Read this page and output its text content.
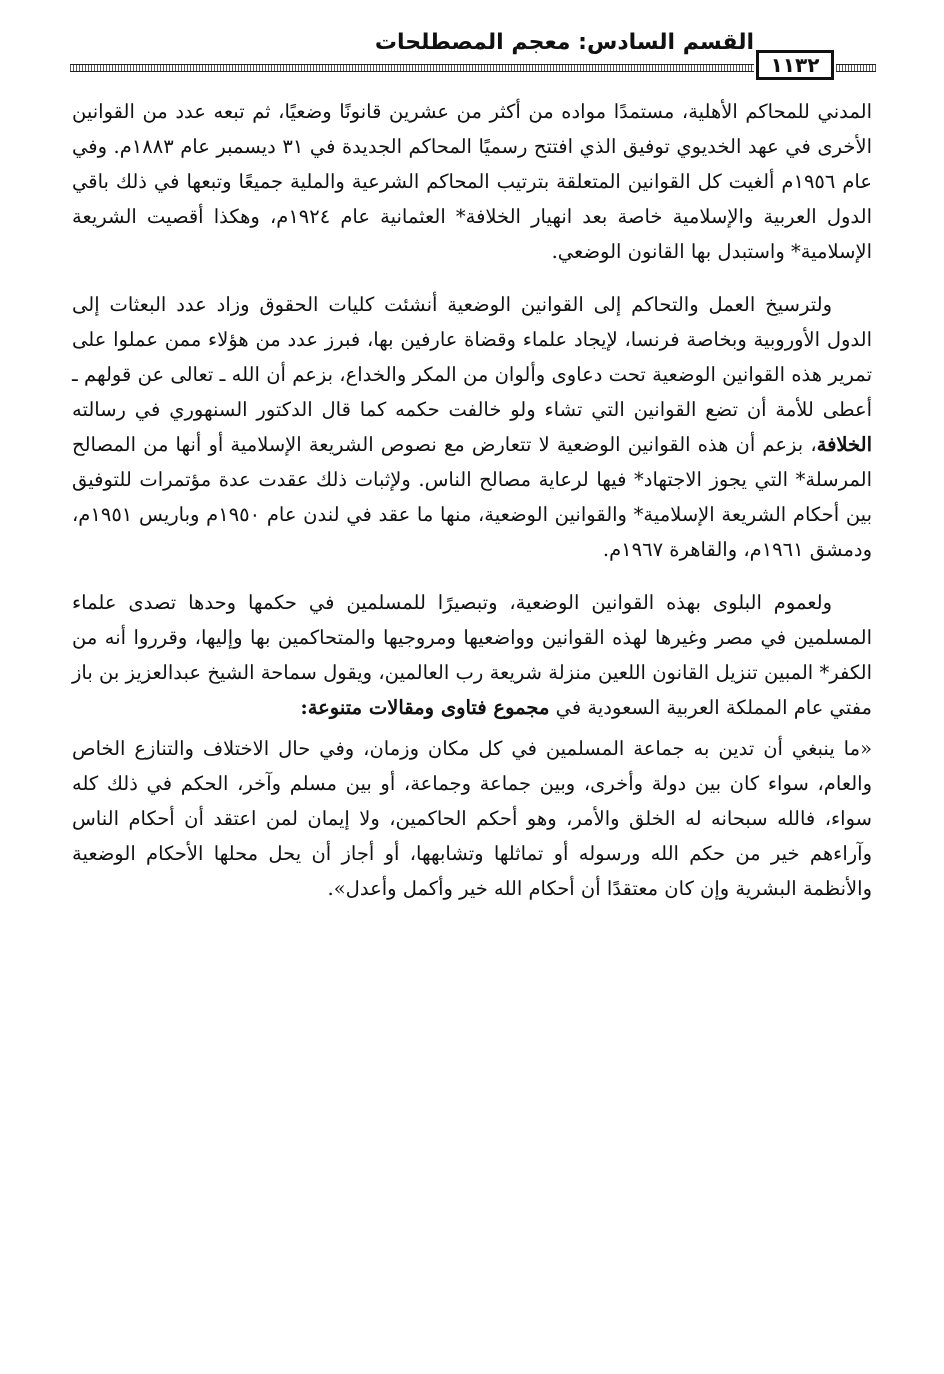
القسم السادس: معجم المصطلحات
١١٣٢

المدني للمحاكم الأهلية، مستمدًا مواده من أكثر من عشرين قانونًا وضعيًا، ثم تبعه عدد من القوانين الأخرى في عهد الخديوي توفيق الذي افتتح رسميًا المحاكم الجديدة في ٣١ ديسمبر عام ١٨٨٣م. وفي عام ١٩٥٦م ألغيت كل القوانين المتعلقة بترتيب المحاكم الشرعية والملية جميعًا وتبعها في ذلك باقي الدول العربية والإسلامية خاصة بعد انهيار الخلافة* العثمانية عام ١٩٢٤م، وهكذا أقصيت الشريعة الإسلامية* واستبدل بها القانون الوضعي.

ولترسيخ العمل والتحاكم إلى القوانين الوضعية أنشئت كليات الحقوق وزاد عدد البعثات إلى الدول الأوروبية وبخاصة فرنسا، لإيجاد علماء وقضاة عارفين بها، فبرز عدد من هؤلاء ممن عملوا على تمرير هذه القوانين الوضعية تحت دعاوى وألوان من المكر والخداع، بزعم أن الله ـ تعالى عن قولهم ـ أعطى للأمة أن تضع القوانين التي تشاء ولو خالفت حكمه كما قال الدكتور السنهوري في رسالته الخلافة، بزعم أن هذه القوانين الوضعية لا تتعارض مع نصوص الشريعة الإسلامية أو أنها من المصالح المرسلة* التي يجوز الاجتهاد* فيها لرعاية مصالح الناس. ولإثبات ذلك عقدت عدة مؤتمرات للتوفيق بين أحكام الشريعة الإسلامية* والقوانين الوضعية، منها ما عقد في لندن عام ١٩٥٠م وباريس ١٩٥١م، ودمشق ١٩٦١م، والقاهرة ١٩٦٧م.

ولعموم البلوى بهذه القوانين الوضعية، وتبصيرًا للمسلمين في حكمها وحدها تصدى علماء المسلمين في مصر وغيرها لهذه القوانين وواضعيها ومروجيها والمتحاكمين بها وإليها، وقرروا أنه من الكفر* المبين تنزيل القانون اللعين منزلة شريعة رب العالمين، ويقول سماحة الشيخ عبدالعزيز بن باز مفتي عام المملكة العربية السعودية في مجموع فتاوى ومقالات متنوعة:

«ما ينبغي أن تدين به جماعة المسلمين في كل مكان وزمان، وفي حال الاختلاف والتنازع الخاص والعام، سواء كان بين دولة وأخرى، وبين جماعة وجماعة، أو بين مسلم وآخر، الحكم في ذلك كله سواء، فالله سبحانه له الخلق والأمر، وهو أحكم الحاكمين، ولا إيمان لمن اعتقد أن أحكام الناس وآراءهم خير من حكم الله ورسوله أو تماثلها وتشابهها، أو أجاز أن يحل محلها الأحكام الوضعية والأنظمة البشرية وإن كان معتقدًا أن أحكام الله خير وأكمل وأعدل».
